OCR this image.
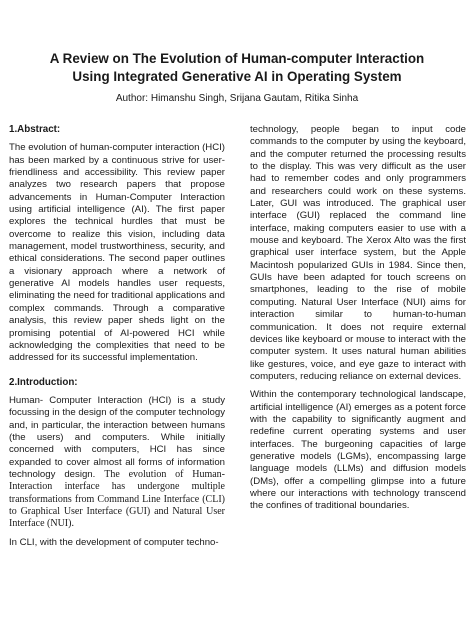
A Review on The Evolution of Human-computer Interaction
Using Integrated Generative AI in Operating System
Author: Himanshu Singh, Srijana Gautam, Ritika Sinha
1.Abstract:

The evolution of human-computer interaction (HCI) has been marked by a continuous strive for user-friendliness and accessibility. This review paper analyzes two research papers that propose advancements in Human-Computer Interaction using artificial intelligence (AI). The first paper explores the technical hurdles that must be overcome to realize this vision, including data management, model trustworthiness, security, and ethical considerations. The second paper outlines a visionary approach where a network of generative AI models handles user requests, eliminating the need for traditional applications and complex commands. Through a comparative analysis, this review paper sheds light on the promising potential of AI-powered HCI while acknowledging the complexities that need to be addressed for its successful implementation.

2.Introduction:

Human- Computer Interaction (HCI) is a study focussing in the design of the computer technology and, in particular, the interaction between humans (the users) and computers. While initially concerned with computers, HCI has since expanded to cover almost all forms of information technology design. The evolution of Human- Interaction interface has undergone multiple transformations from Command Line Interface (CLI) to Graphical User Interface (GUI) and Natural User Interface (NUI).

In CLI, with the development of computer techno-

technology, people began to input code commands to the computer by using the keyboard, and the computer returned the processing results to the display. This was very difficult as the user had to remember codes and only programmers and researchers could work on these systems. Later, GUI was introduced. The graphical user interface (GUI) replaced the command line interface, making computers easier to use with a mouse and keyboard. The Xerox Alto was the first graphical user interface system, but the Apple Macintosh popularized GUIs in 1984. Since then, GUIs have been adapted for touch screens on smartphones, leading to the rise of mobile computing. Natural User Interface (NUI) aims for interaction similar to human-to-human communication. It does not require external devices like keyboard or mouse to interact with the computer system. It uses natural human abilities like gestures, voice, and eye gaze to interact with computers, reducing reliance on external devices.

Within the contemporary technological landscape, artificial intelligence (AI) emerges as a potent force with the capability to significantly augment and redefine current operating systems and user interfaces. The burgeoning capacities of large generative models (LGMs), encompassing large language models (LLMs) and diffusion models (DMs), offer a compelling glimpse into a future where our interactions with technology transcend the confines of traditional boundaries.
